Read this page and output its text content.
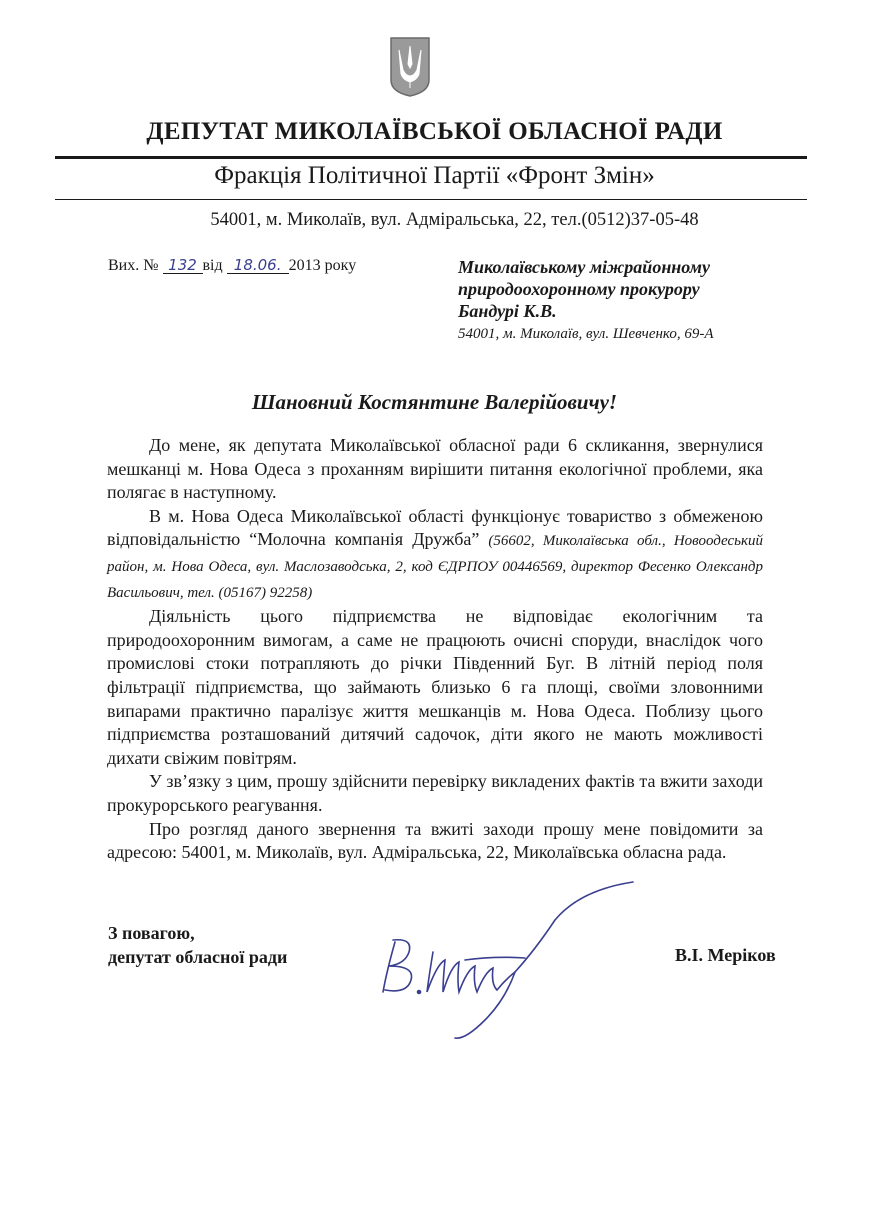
ДЕПУТАТ МИКОЛАЇВСЬКОЇ ОБЛАСНОЇ РАДИ
Фракція Політичної Партії «Фронт Змін»
54001, м. Миколаїв, вул. Адміральська, 22, тел.(0512)37-05-48
Вих. № 132 від 18.06. 2013 року	Миколаївському міжрайонному
природоохоронному прокурору
Бандурі К.В.
54001, м. Миколаїв, вул. Шевченко, 69-А
Шановний Костянтине Валерійовичу!

До мене, як депутата Миколаївської обласної ради 6 скликання, звернулися мешканці м. Нова Одеса з проханням вирішити питання екологічної проблеми, яка полягає в наступному.

В м. Нова Одеса Миколаївської області функціонує товариство з обмеженою відповідальністю “Молочна компанія Дружба” (56602, Миколаївська обл., Новоодеський район, м. Нова Одеса, вул. Маслозаводська, 2, код ЄДРПОУ 00446569, директор Фесенко Олександр Васильович, тел. (05167) 92258)

Діяльність цього підприємства не відповідає екологічним та природоохоронним вимогам, а саме не працюють очисні споруди, внаслідок чого промислові стоки потрапляють до річки Південний Буг. В літній період поля фільтрації підприємства, що займають близько 6 га площі, своїми зловонними випарами практично паралізує життя мешканців м. Нова Одеса. Поблизу цього підприємства розташований дитячий садочок, діти якого не мають можливості дихати свіжим повітрям.

У зв’язку з цим, прошу здійснити перевірку викладених фактів та вжити заходи прокурорського реагування.

Про розгляд даного звернення та вжиті заходи прошу мене повідомити за адресою: 54001, м. Миколаїв, вул. Адміральська, 22, Миколаївська обласна рада.

З повагою,
депутат обласної ради	В.І. Меріков
